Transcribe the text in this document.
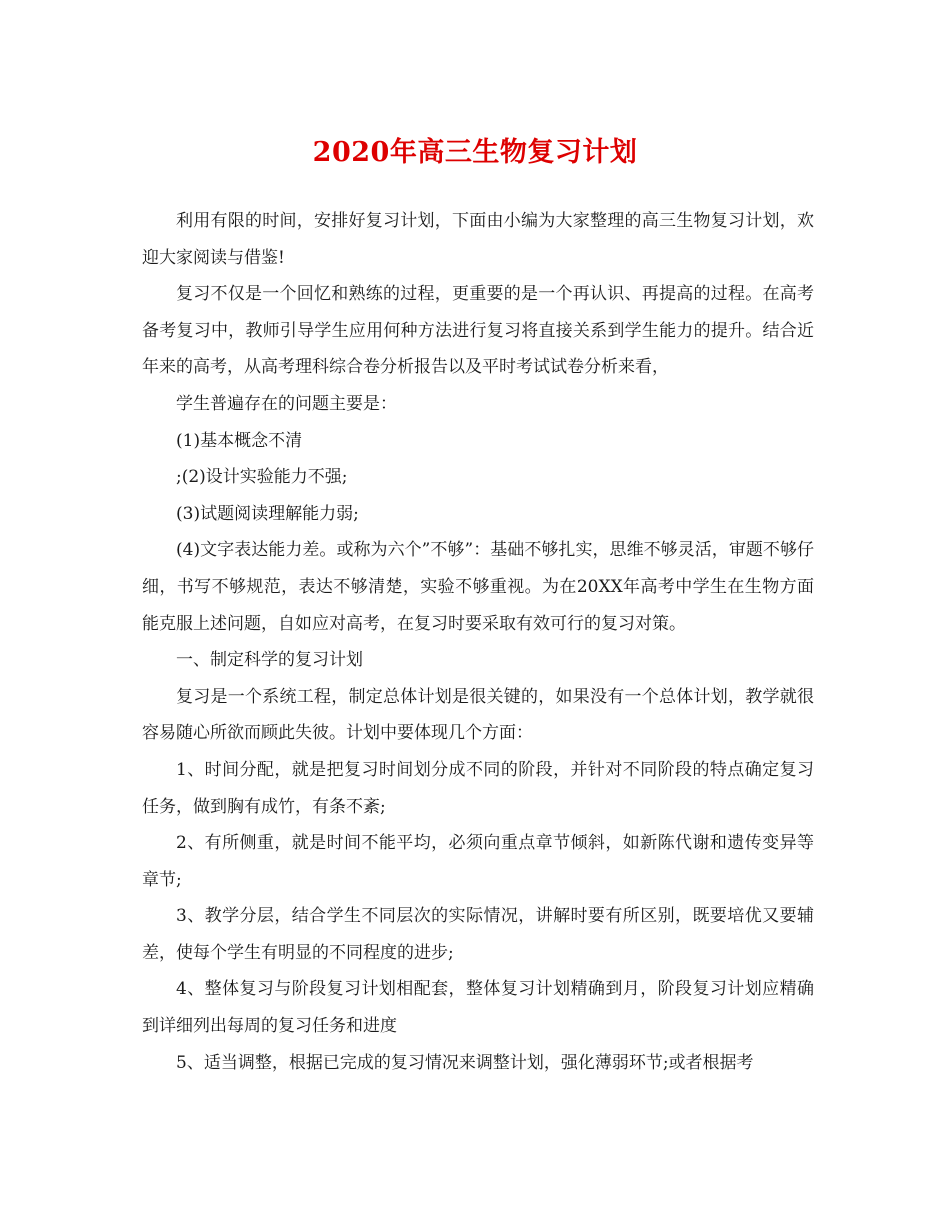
2020年高三生物复习计划

利用有限的时间，安排好复习计划，下面由小编为大家整理的高三生物复习计划，欢迎大家阅读与借鉴!

复习不仅是一个回忆和熟练的过程，更重要的是一个再认识、再提高的过程。在高考备考复习中，教师引导学生应用何种方法进行复习将直接关系到学生能力的提升。结合近年来的高考，从高考理科综合卷分析报告以及平时考试试卷分析来看，

学生普遍存在的问题主要是：

(1)基本概念不清

;(2)设计实验能力不强;

(3)试题阅读理解能力弱;

(4)文字表达能力差。或称为六个”不够”：基础不够扎实，思维不够灵活，审题不够仔细，书写不够规范，表达不够清楚，实验不够重视。为在20XX年高考中学生在生物方面能克服上述问题，自如应对高考，在复习时要采取有效可行的复习对策。

一、制定科学的复习计划

复习是一个系统工程，制定总体计划是很关键的，如果没有一个总体计划，教学就很容易随心所欲而顾此失彼。计划中要体现几个方面：

1、时间分配，就是把复习时间划分成不同的阶段，并针对不同阶段的特点确定复习任务，做到胸有成竹，有条不紊;

2、有所侧重，就是时间不能平均，必须向重点章节倾斜，如新陈代谢和遗传变异等章节;

3、教学分层，结合学生不同层次的实际情况，讲解时要有所区别，既要培优又要辅差，使每个学生有明显的不同程度的进步;

4、整体复习与阶段复习计划相配套，整体复习计划精确到月，阶段复习计划应精确到详细列出每周的复习任务和进度

5、适当调整，根据已完成的复习情况来调整计划，强化薄弱环节;或者根据考
